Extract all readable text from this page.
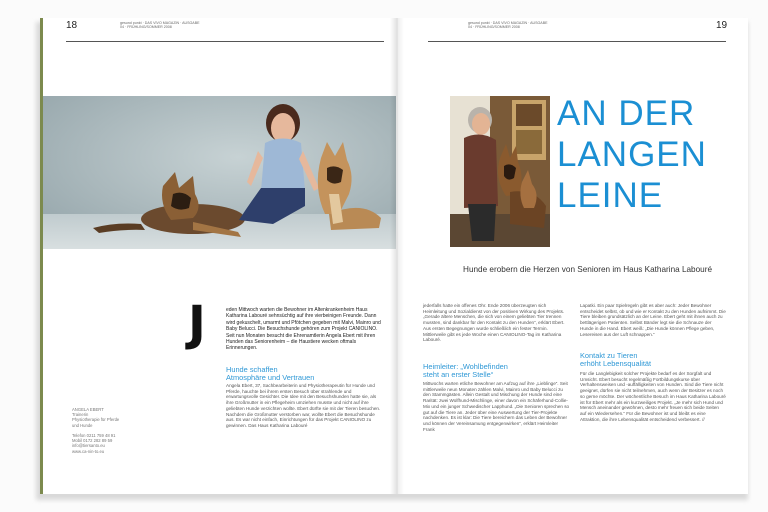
18	gesund punkt · DAS VIVO MAGAZIN · AUSGABE 04 · FRÜHLING/SOMMER 2008
J	eden Mittwoch warten die Bewohner im Altenkrankenheim Haus Katharina Labouré sehnsüchtig auf ihre vierbeinigen Freunde. Dann wird gekuschelt, umarmt und Pfötchen gegeben mit Malvi, Mainro und Baby Belucci. Die Besuchshunde gehören zum Projekt CANIOLINO. Seit nun Monaten besucht die Ehrenamtlerin Angela Ebert mit ihren Hunden das Seniorenheim – die Haustiere wecken oftmals Erinnerungen.
Hunde schaffen
Atmosphäre und Vertrauen
Angela Ebert, 37, Sachbearbeiterin und Physiotherapeutin für Hunde und Pferde, hauchte bei ihrem ersten Besuch über strahlende und erwartungsvolle Gesichter. Die Idee mit den Besuchshunden hatte sie, als ihre Großmutter in ein Pflegeheim umziehen musste und nicht auf ihre geliebten Hunde verzichten wollte. Ebert dürfte sie mit der Tieren besuchen. Nachdem die Großmutter verstorben war, wollte Ebert die Besuchshunde aus. Es war nicht einfach, Einrichtungen für das Projekt CANIOLINO zu gewinnen. Das Haus Katharina Labouré
ANGELA EBERT
Trainerin
Physiotherapie für Pferde
und Hunde

Telefon 0211 759 48 91
Mobil 0172 282 89 59
info@tiersanto.eu
www.ca-nin-to.eu
19
gesund punkt · DAS VIVO MAGAZIN · AUSGABE 04 · FRÜHLING/SOMMER 2008
AN DER
LANGEN
LEINE
Hunde erobern die Herzen von Senioren im Haus Katharina Labouré
jederfalls hatte ein offenes Ohr. Ende 2006 überzeugten sich Heimleitung und Sozialdienst von der positiven Wirkung des Projekts. „Gerade ältere Menschen, die sich von einem geliebten Tier trennen mussten, sind dankbar für den Kontakt zu den Hunden“, erklärt Ebert. Aus ersten Begegnungen wurde schließlich ein fester Termin. Mittlerweile gibt es jede Woche einen CANIOLINO-Tag im Katharina Labouré.
Heimleiter: „Wohlbefinden
steht an erster Stelle“
Mittwochs warten etliche Bewohner am Aufzug auf ihre „Lieblinge“. Seit mittlerweile neun Monaten zählen Malvi, Mainro und Baby Belucci zu den Stammgästen. Allein Gestalt und Mischung der Hunde sind eine Rarität: zwei Wolfhund-Mischlinge, einer davon ein Schäferhund-Collie-Mix und ein junger Schwedischer Lapphund. „Die Senioren sprechen so gut auf die Tiere an. Jeder über eine Auswertung der Tier-Projekte nachdenken. Es ist klar: Die Tiere bereichern das Leben der Bewohner und können der Vereinsamung entgegenwirken“, erklärt Heimleiter Frank
Lapatki. Ein paar Spielregeln gibt es aber auch: Jeder Bewohner entscheidet selbst, ob und wie er Kontakt zu den Hunden aufnimmt. Die Tiere bleiben grundsätzlich an der Leine. Ebert geht mit ihnen auch zu bettlägerigen Patienten. Selbst Bänder legt sie die Schnauze der Hunde in die Hand. Ebert weiß: „Die Hunde können Pflege geben, Lesereisen aus der Luft schnappen.“
Kontakt zu Tieren
erhöht Lebensqualität
Für die Langlebigkeit solcher Projekte bedarf es der Sorgfalt und Umsicht. Ebert besucht regelmäßig Fortbildungskurse über Verhaltensweisen und -auffälligkeiten von Hunden. Sind die Tiere nicht geeignet, dürfen sie nicht teilnehmen, auch wenn der Besitzer es noch so gerne möchte. Der wöchentliche Besuch im Haus Katharina Labouré ist für Ebert mehr als ein kurzweiliges Projekt. „Je mehr sich Hund und Mensch aneinander gewöhnen, desto mehr freuen sich beide Seiten auf ein Wiedersehen.“ Für die Bewohner ist und bleibt es eine Attraktion, die ihre Lebensqualität entscheidend verbessert. //
